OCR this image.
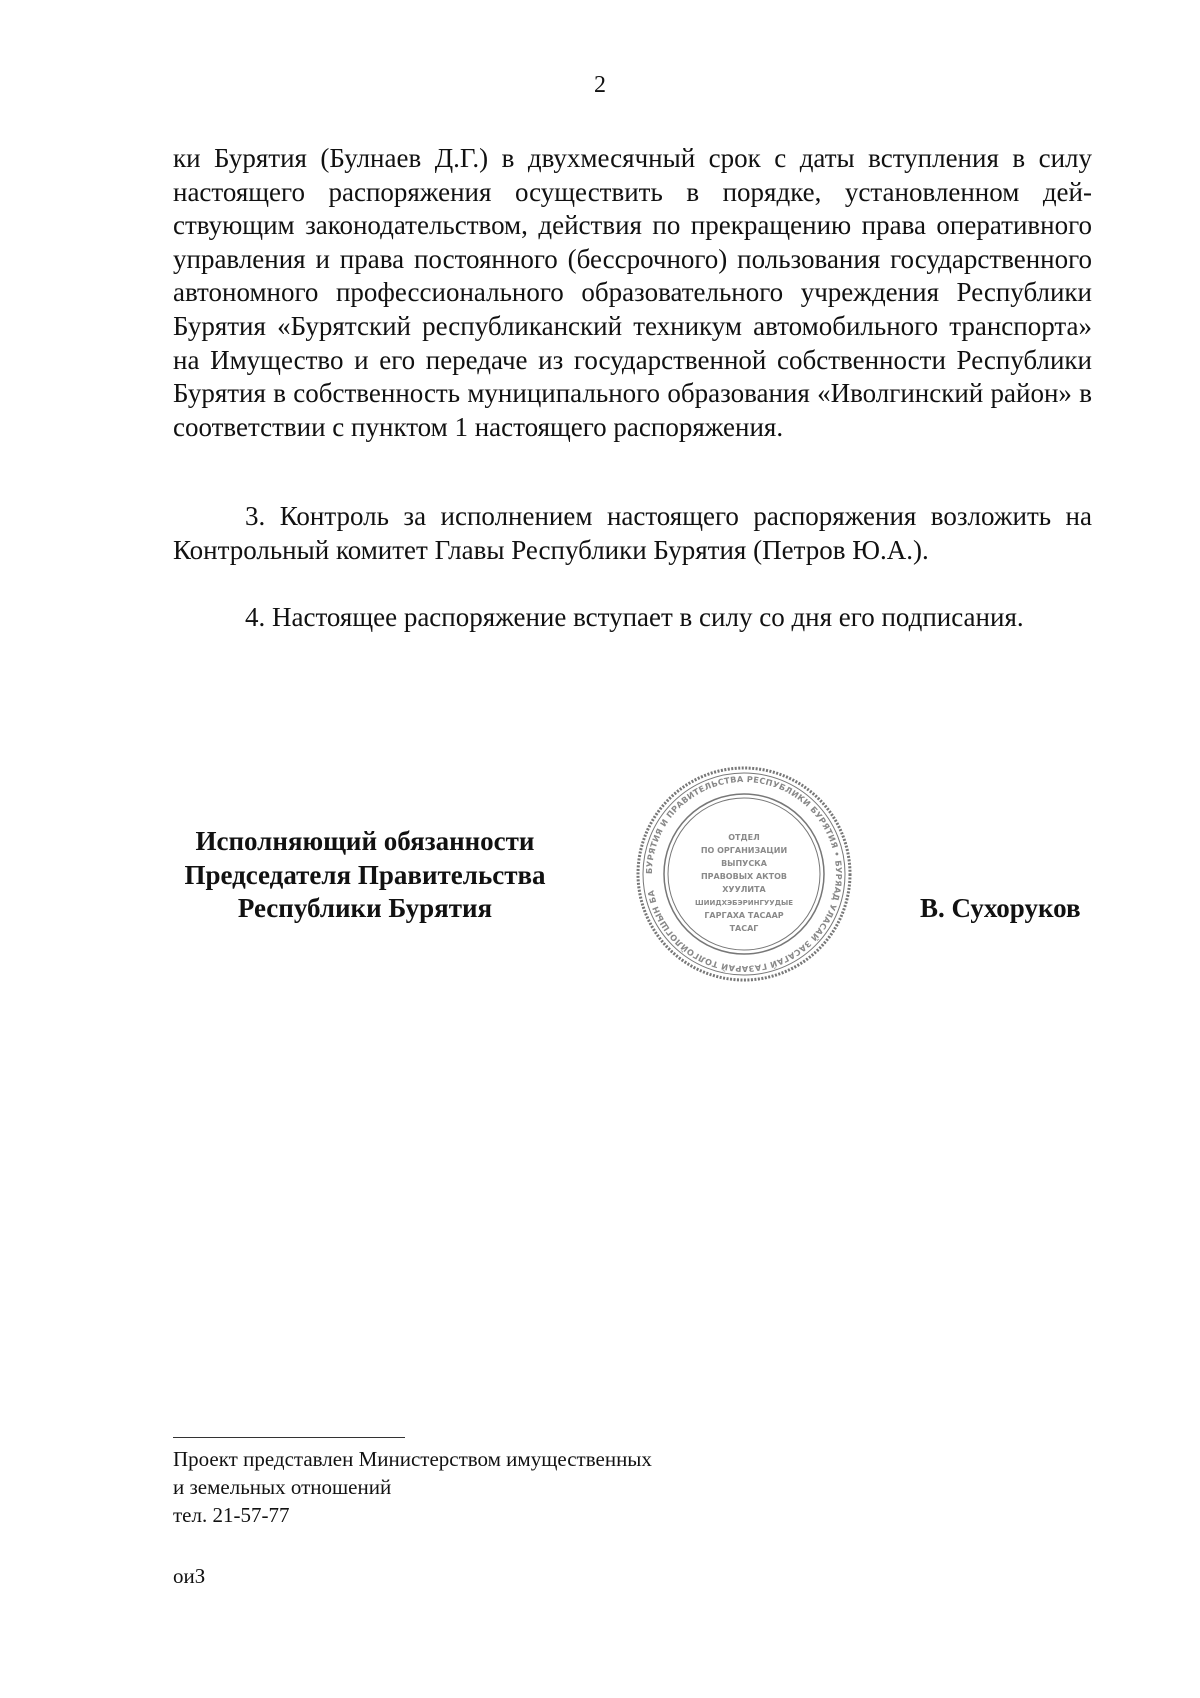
2

ки Бурятия (Булнаев Д.Г.) в двухмесячный срок с даты вступления в силу настоящего распоряжения осуществить в порядке, установленном действующим законодательством, действия по прекращению права оперативного управления и права постоянного (бессрочного) пользования государственного автономного профессионального образовательного учреждения Республики Бурятия «Бурятский республиканский техникум автомобильного транспорта» на Имущество и его передаче из государственной собственности Республики Бурятия в собственность муниципального образования «Иволгинский район» в соответствии с пунктом 1 настоящего распоряжения.

3. Контроль за исполнением настоящего распоряжения возложить на Контрольный комитет Главы Республики Бурятия (Петров Ю.А.).

4. Настоящее распоряжение вступает в силу со дня его подписания.

Исполняющий обязанности
Председателя Правительства
Республики Бурятия
БУРЯТИЯ И ПРАВИТЕЛЬСТВА РЕСПУБЛИКИ БУРЯТИЯ • БУРЯАД УЛАСАЙ ЗАСАГАЙ ГАЗАРАЙ ТОЛГОЙЛОГШЫН БА
ОТДЕЛ
ПО ОРГАНИЗАЦИИ
ВЫПУСКА
ПРАВОВЫХ АКТОВ
ХУУЛИТА
ШИИДХЭБЭРИНГУУДЫЕ
ГАРГАХА ТАСААР
ТАСАГ
В. Сухоруков
Проект представлен Министерством имущественных
и земельных отношений
тел. 21-57-77
оиЗ
